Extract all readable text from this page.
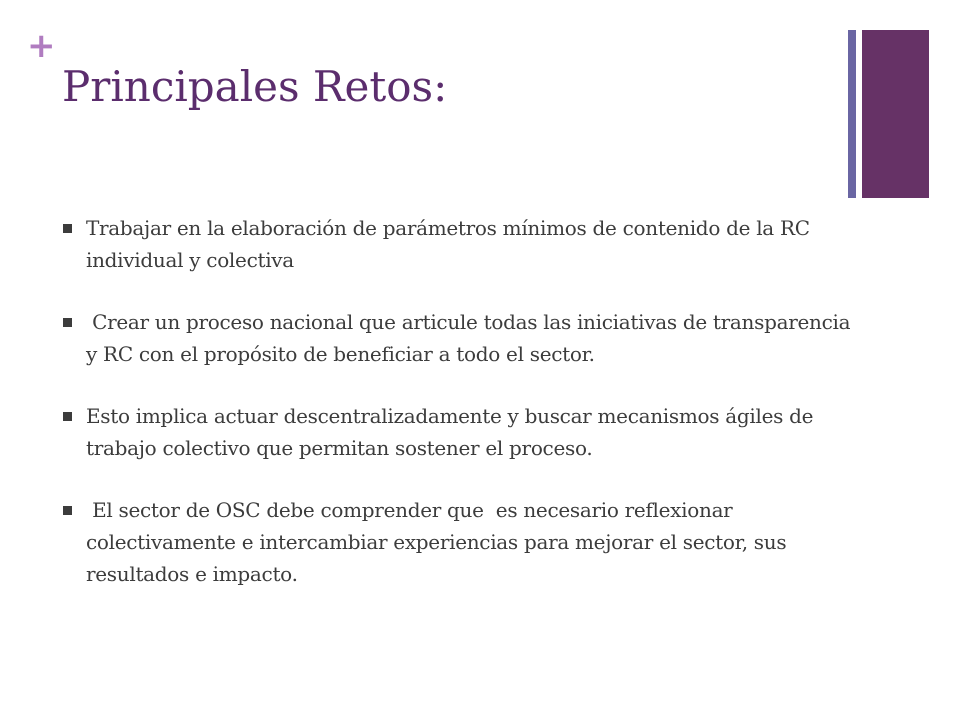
+
Principales Retos:
Trabajar en la elaboración de parámetros mínimos de contenido de la RC individual y colectiva
Crear un proceso nacional que articule todas las iniciativas de transparencia y RC con el propósito de beneficiar a todo el sector.
Esto implica actuar descentralizadamente y buscar mecanismos ágiles de trabajo colectivo que permitan sostener el proceso.
El sector de OSC debe comprender que  es necesario reflexionar colectivamente e intercambiar experiencias para mejorar el sector, sus resultados e impacto.
